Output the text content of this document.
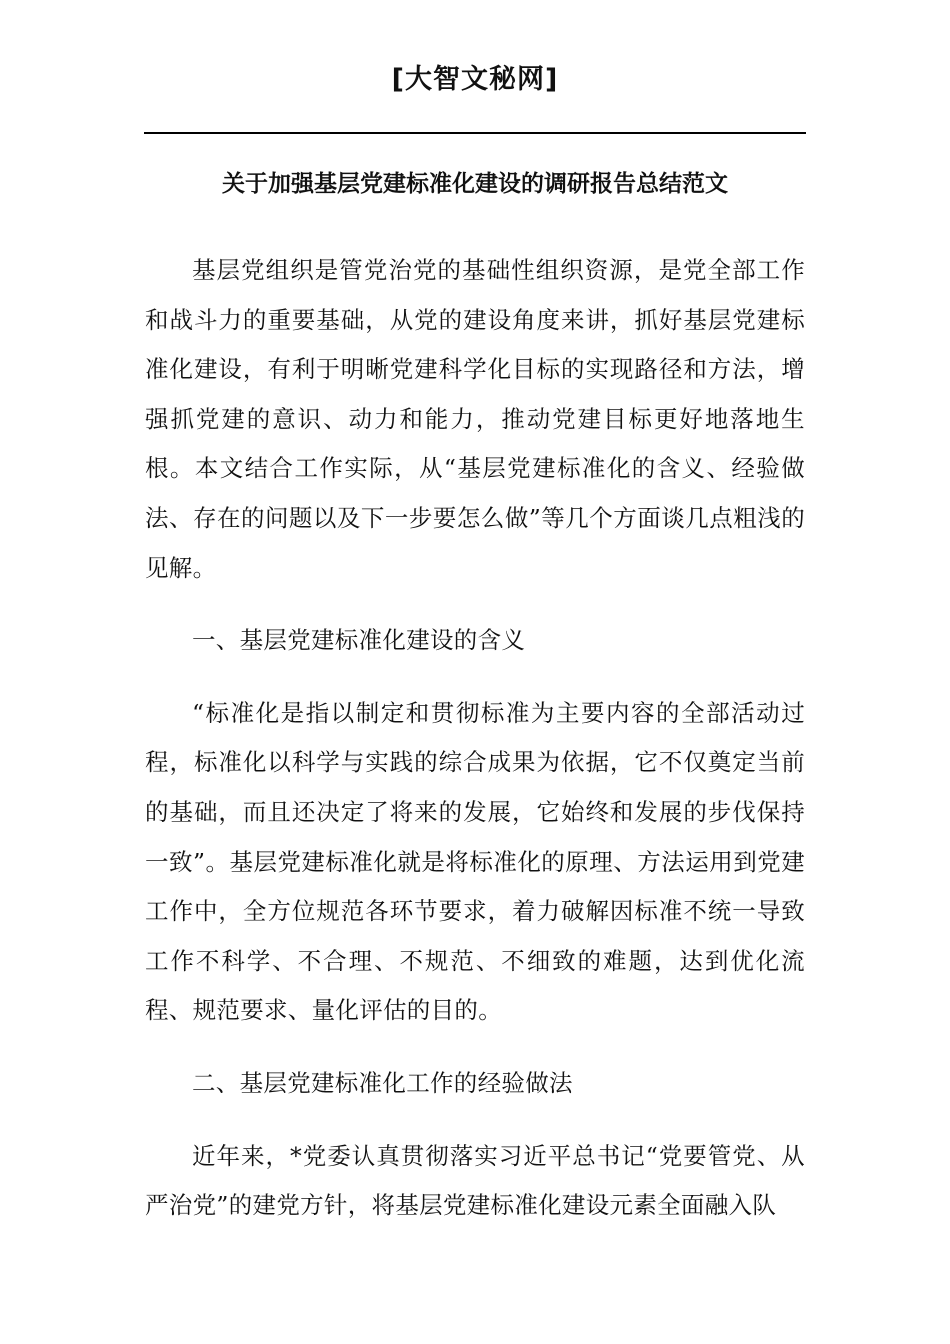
[大智文秘网]
关于加强基层党建标准化建设的调研报告总结范文

基层党组织是管党治党的基础性组织资源，是党全部工作和战斗力的重要基础，从党的建设角度来讲，抓好基层党建标准化建设，有利于明晰党建科学化目标的实现路径和方法，增强抓党建的意识、动力和能力，推动党建目标更好地落地生根。本文结合工作实际，从“基层党建标准化的含义、经验做法、存在的问题以及下一步要怎么做”等几个方面谈几点粗浅的见解。

一、基层党建标准化建设的含义

“标准化是指以制定和贯彻标准为主要内容的全部活动过程，标准化以科学与实践的综合成果为依据，它不仅奠定当前的基础，而且还决定了将来的发展，它始终和发展的步伐保持一致”。基层党建标准化就是将标准化的原理、方法运用到党建工作中，全方位规范各环节要求，着力破解因标准不统一导致工作不科学、不合理、不规范、不细致的难题，达到优化流程、规范要求、量化评估的目的。

二、基层党建标准化工作的经验做法

近年来，*党委认真贯彻落实习近平总书记“党要管党、从严治党”的建党方针，将基层党建标准化建设元素全面融入队
